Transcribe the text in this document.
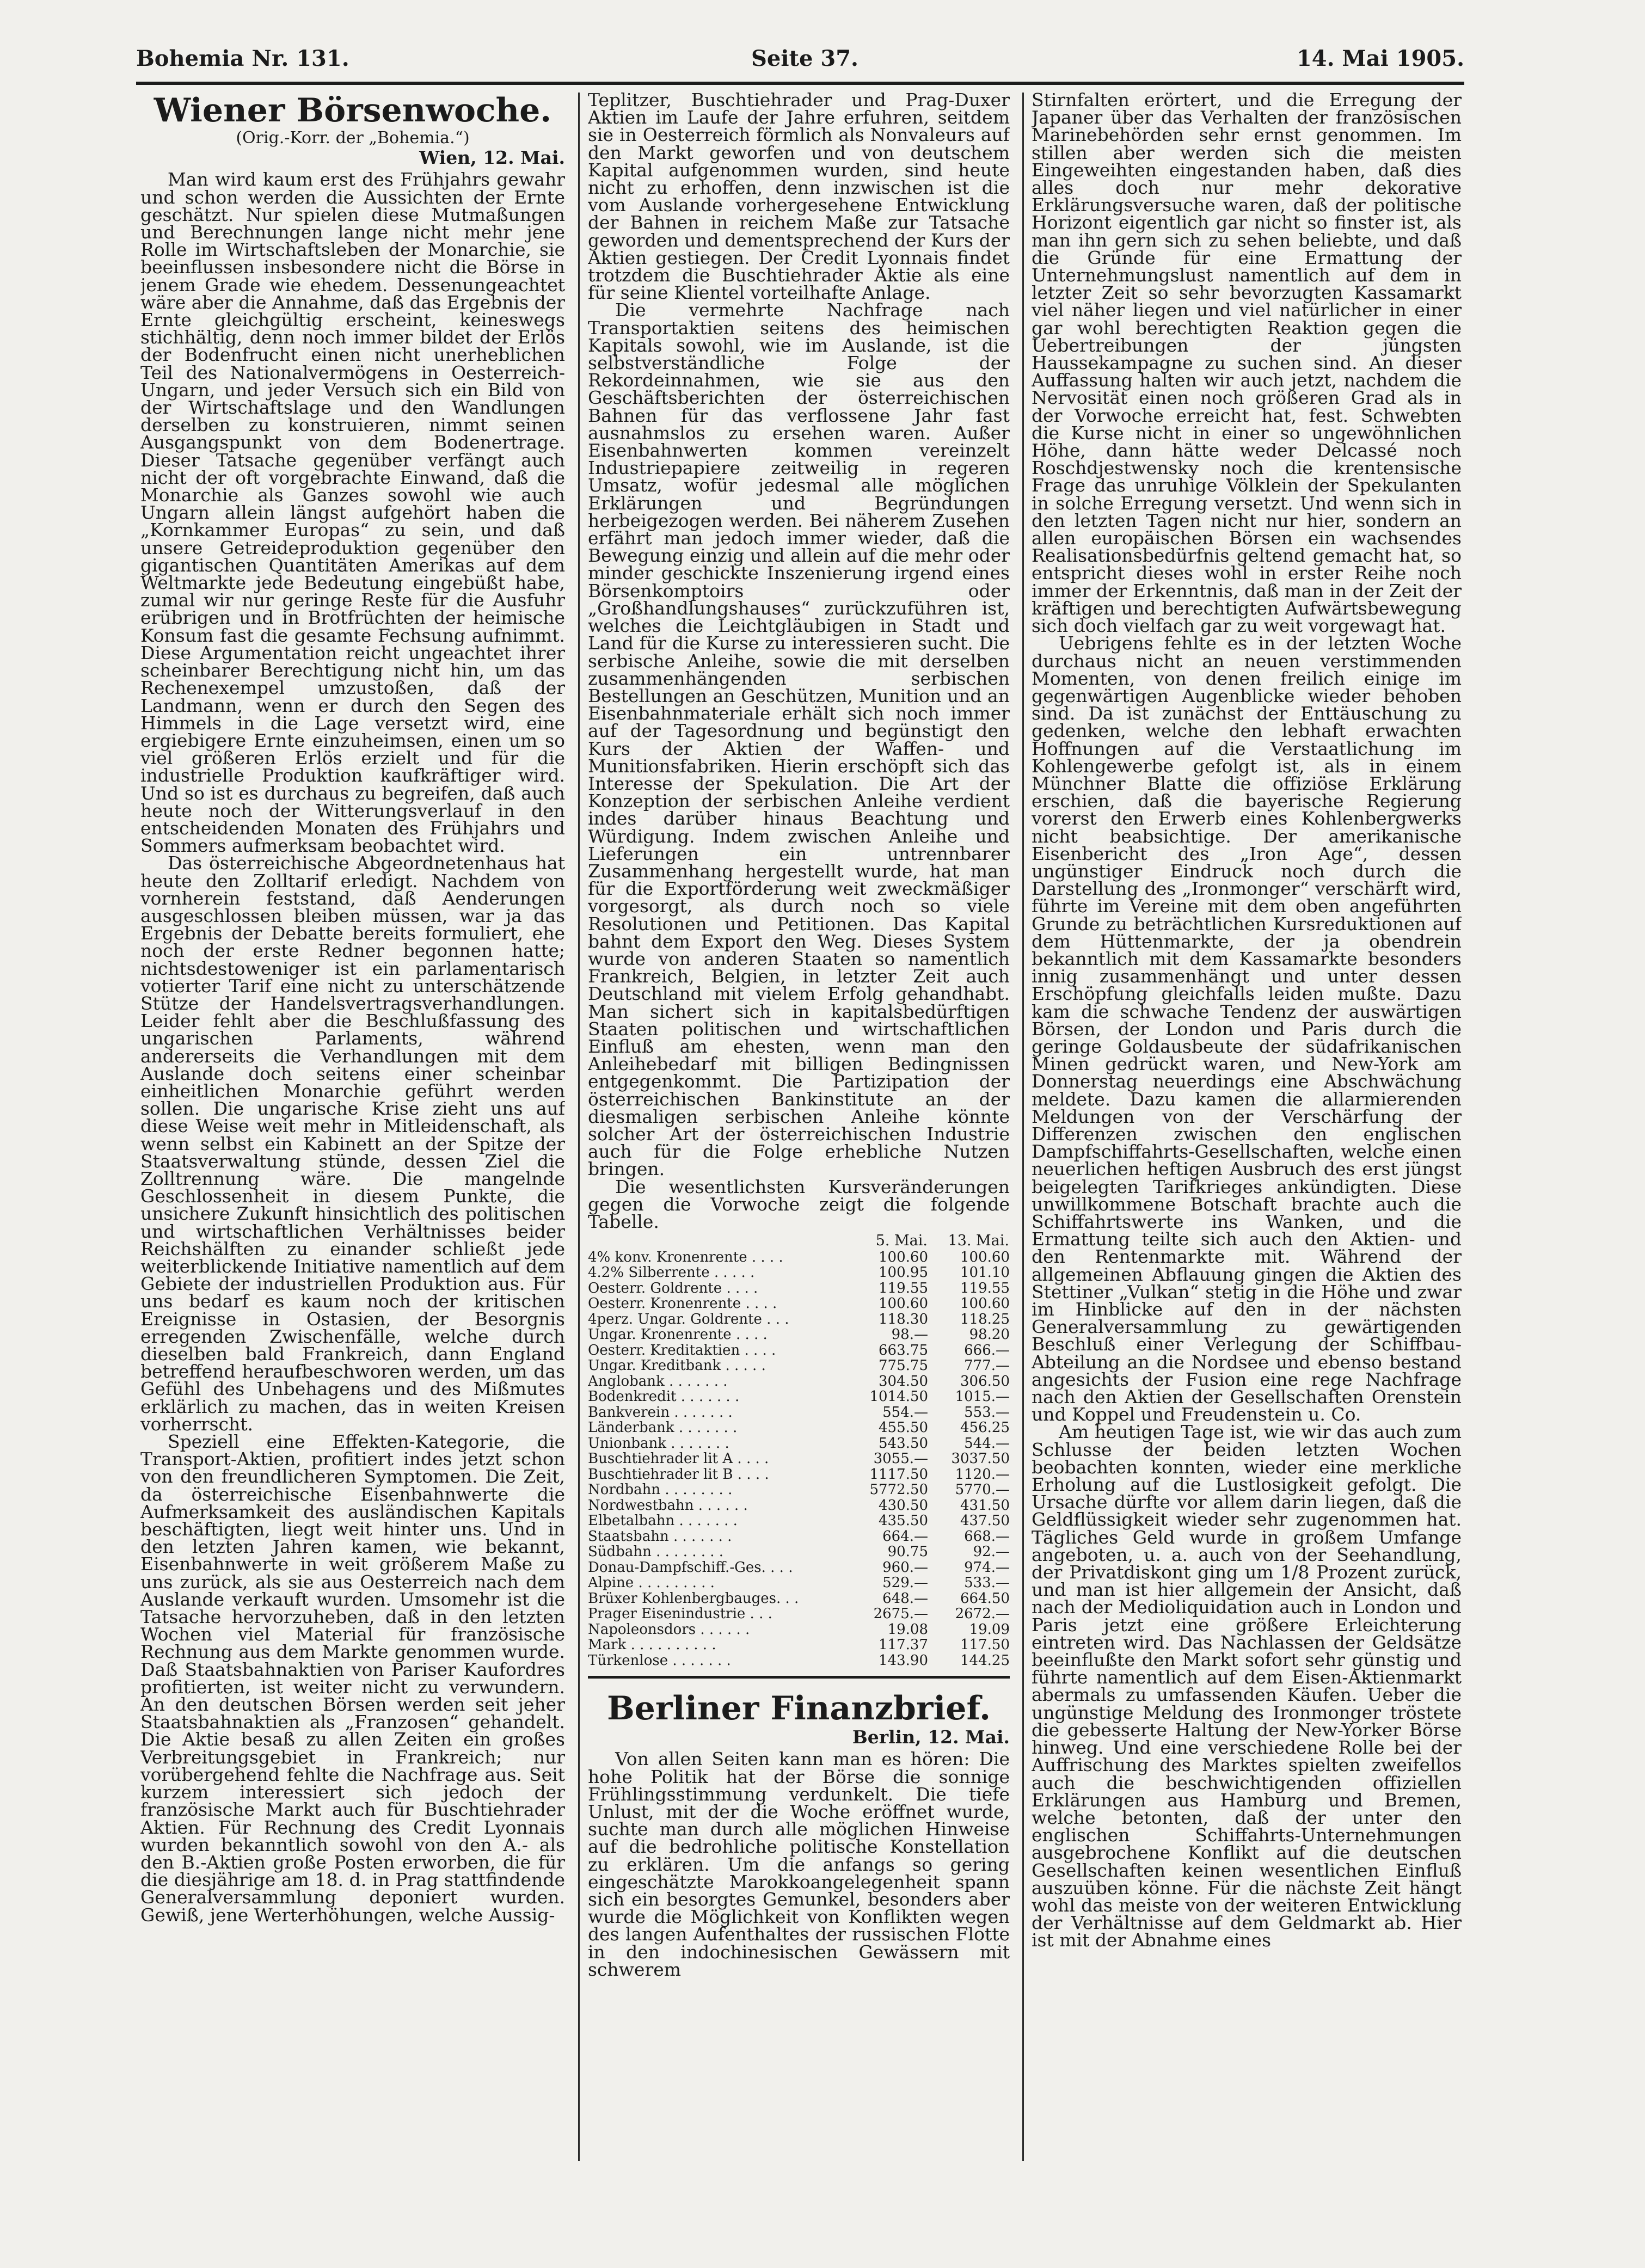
Bohemia Nr. 131.	Seite 37.	14. Mai 1905.
Wiener Börsenwoche.
(Orig.-Korr. der „Bohemia.“)
Wien, 12. Mai.

Man wird kaum erst des Frühjahrs gewahr und schon werden die Aussichten der Ernte geschätzt. Nur spielen diese Mutmaßungen und Berechnungen lange nicht mehr jene Rolle im Wirtschaftsleben der Monarchie, sie beeinflussen insbesondere nicht die Börse in jenem Grade wie ehedem. Dessenungeachtet wäre aber die Annahme, daß das Ergebnis der Ernte gleichgültig erscheint, keineswegs stichhältig, denn noch immer bildet der Erlös der Bodenfrucht einen nicht unerheblichen Teil des Nationalvermögens in Oesterreich-Ungarn, und jeder Versuch sich ein Bild von der Wirtschaftslage und den Wandlungen derselben zu konstruieren, nimmt seinen Ausgangspunkt von dem Bodenertrage. Dieser Tatsache gegenüber verfängt auch nicht der oft vorgebrachte Einwand, daß die Monarchie als Ganzes sowohl wie auch Ungarn allein längst aufgehört haben die „Kornkammer Europas“ zu sein, und daß unsere Getreideproduktion gegenüber den gigantischen Quantitäten Amerikas auf dem Weltmarkte jede Bedeutung eingebüßt habe, zumal wir nur geringe Reste für die Ausfuhr erübrigen und in Brotfrüchten der heimische Konsum fast die gesamte Fechsung aufnimmt. Diese Argumentation reicht ungeachtet ihrer scheinbarer Berechtigung nicht hin, um das Rechenexempel umzustoßen, daß der Landmann, wenn er durch den Segen des Himmels in die Lage versetzt wird, eine ergiebigere Ernte einzuheimsen, einen um so viel größeren Erlös erzielt und für die industrielle Produktion kaufkräftiger wird. Und so ist es durchaus zu begreifen, daß auch heute noch der Witterungsverlauf in den entscheidenden Monaten des Frühjahrs und Sommers aufmerksam beobachtet wird.

Das österreichische Abgeordnetenhaus hat heute den Zolltarif erledigt. Nachdem von vornherein feststand, daß Aenderungen ausgeschlossen bleiben müssen, war ja das Ergebnis der Debatte bereits formuliert, ehe noch der erste Redner begonnen hatte; nichtsdestoweniger ist ein parlamentarisch votierter Tarif eine nicht zu unterschätzende Stütze der Handelsvertragsverhandlungen. Leider fehlt aber die Beschlußfassung des ungarischen Parlaments, während andererseits die Verhandlungen mit dem Auslande doch seitens einer scheinbar einheitlichen Monarchie geführt werden sollen. Die ungarische Krise zieht uns auf diese Weise weit mehr in Mitleidenschaft, als wenn selbst ein Kabinett an der Spitze der Staatsverwaltung stünde, dessen Ziel die Zolltrennung wäre. Die mangelnde Geschlossenheit in diesem Punkte, die unsichere Zukunft hinsichtlich des politischen und wirtschaftlichen Verhältnisses beider Reichshälften zu einander schließt jede weiterblickende Initiative namentlich auf dem Gebiete der industriellen Produktion aus. Für uns bedarf es kaum noch der kritischen Ereignisse in Ostasien, der Besorgnis erregenden Zwischenfälle, welche durch dieselben bald Frankreich, dann England betreffend heraufbeschworen werden, um das Gefühl des Unbehagens und des Mißmutes erklärlich zu machen, das in weiten Kreisen vorherrscht.

Speziell eine Effekten-Kategorie, die Transport-Aktien, profitiert indes jetzt schon von den freundlicheren Symptomen. Die Zeit, da österreichische Eisenbahnwerte die Aufmerksamkeit des ausländischen Kapitals beschäftigten, liegt weit hinter uns. Und in den letzten Jahren kamen, wie bekannt, Eisenbahnwerte in weit größerem Maße zu uns zurück, als sie aus Oesterreich nach dem Auslande verkauft wurden. Umsomehr ist die Tatsache hervorzuheben, daß in den letzten Wochen viel Material für französische Rechnung aus dem Markte genommen wurde. Daß Staatsbahnaktien von Pariser Kaufordres profitierten, ist weiter nicht zu verwundern. An den deutschen Börsen werden seit jeher Staatsbahnaktien als „Franzosen“ gehandelt. Die Aktie besaß zu allen Zeiten ein großes Verbreitungsgebiet in Frankreich; nur vorübergehend fehlte die Nachfrage aus. Seit kurzem interessiert sich jedoch der französische Markt auch für Buschtiehrader Aktien. Für Rechnung des Credit Lyonnais wurden bekanntlich sowohl von den A.- als den B.-Aktien große Posten erworben, die für die diesjährige am 18. d. in Prag stattfindende Generalversammlung deponiert wurden. Gewiß, jene Werterhöhungen, welche Aussig-

Teplitzer, Buschtiehrader und Prag-Duxer Aktien im Laufe der Jahre erfuhren, seitdem sie in Oesterreich förmlich als Nonvaleurs auf den Markt geworfen und von deutschem Kapital aufgenommen wurden, sind heute nicht zu erhoffen, denn inzwischen ist die vom Auslande vorhergesehene Entwicklung der Bahnen in reichem Maße zur Tatsache geworden und dementsprechend der Kurs der Aktien gestiegen. Der Credit Lyonnais findet trotzdem die Buschtiehrader Aktie als eine für seine Klientel vorteilhafte Anlage.

Die vermehrte Nachfrage nach Transportaktien seitens des heimischen Kapitals sowohl, wie im Auslande, ist die selbstverständliche Folge der Rekordeinnahmen, wie sie aus den Geschäftsberichten der österreichischen Bahnen für das verflossene Jahr fast ausnahmslos zu ersehen waren. Außer Eisenbahnwerten kommen vereinzelt Industriepapiere zeitweilig in regeren Umsatz, wofür jedesmal alle möglichen Erklärungen und Begründungen herbeigezogen werden. Bei näherem Zusehen erfährt man jedoch immer wieder, daß die Bewegung einzig und allein auf die mehr oder minder geschickte Inszenierung irgend eines Börsenkomptoirs oder „Großhandlungshauses“ zurückzuführen ist, welches die Leichtgläubigen in Stadt und Land für die Kurse zu interessieren sucht. Die serbische Anleihe, sowie die mit derselben zusammenhängenden serbischen Bestellungen an Geschützen, Munition und an Eisenbahnmateriale erhält sich noch immer auf der Tagesordnung und begünstigt den Kurs der Aktien der Waffen- und Munitionsfabriken. Hierin erschöpft sich das Interesse der Spekulation. Die Art der Konzeption der serbischen Anleihe verdient indes darüber hinaus Beachtung und Würdigung. Indem zwischen Anleihe und Lieferungen ein untrennbarer Zusammenhang hergestellt wurde, hat man für die Exportförderung weit zweckmäßiger vorgesorgt, als durch noch so viele Resolutionen und Petitionen. Das Kapital bahnt dem Export den Weg. Dieses System wurde von anderen Staaten so namentlich Frankreich, Belgien, in letzter Zeit auch Deutschland mit vielem Erfolg gehandhabt. Man sichert sich in kapitalsbedürftigen Staaten politischen und wirtschaftlichen Einfluß am ehesten, wenn man den Anleihebedarf mit billigen Bedingnissen entgegenkommt. Die Partizipation der österreichischen Bankinstitute an der diesmaligen serbischen Anleihe könnte solcher Art der österreichischen Industrie auch für die Folge erhebliche Nutzen bringen.

Die wesentlichsten Kursveränderungen gegen die Vorwoche zeigt die folgende Tabelle.

	5. Mai.	13. Mai.
4% konv. Kronenrente . . . .	100.60	100.60
4.2% Silberrente . . . . .	100.95	101.10
Oesterr. Goldrente . . . .	119.55	119.55
Oesterr. Kronenrente . . . .	100.60	100.60
4perz. Ungar. Goldrente . . .	118.30	118.25
Ungar. Kronenrente . . . .	98.—	98.20
Oesterr. Kreditaktien . . . .	663.75	666.—
Ungar. Kreditbank . . . . .	775.75	777.—
Anglobank . . . . . . .	304.50	306.50
Bodenkredit . . . . . . .	1014.50	1015.—
Bankverein . . . . . . .	554.—	553.—
Länderbank . . . . . . .	455.50	456.25
Unionbank . . . . . . .	543.50	544.—
Buschtiehrader lit A . . . .	3055.—	3037.50
Buschtiehrader lit B . . . .	1117.50	1120.—
Nordbahn . . . . . . . .	5772.50	5770.—
Nordwestbahn . . . . . .	430.50	431.50
Elbetalbahn . . . . . . .	435.50	437.50
Staatsbahn . . . . . . .	664.—	668.—
Südbahn . . . . . . . .	90.75	92.—
Donau-Dampfschiff.-Ges. . . .	960.—	974.—
Alpine . . . . . . . . .	529.—	533.—
Brüxer Kohlenbergbauges. . .	648.—	664.50
Prager Eisenindustrie . . .	2675.—	2672.—
Napoleonsdors . . . . . .	19.08	19.09
Mark . . . . . . . . . .	117.37	117.50
Türkenlose . . . . . . .	143.90	144.25
Berliner Finanzbrief.
Berlin, 12. Mai.

Von allen Seiten kann man es hören: Die hohe Politik hat der Börse die sonnige Frühlingsstimmung verdunkelt. Die tiefe Unlust, mit der die Woche eröffnet wurde, suchte man durch alle möglichen Hinweise auf die bedrohliche politische Konstellation zu erklären. Um die anfangs so gering eingeschätzte Marokkoangelegenheit spann sich ein besorgtes Gemunkel, besonders aber wurde die Möglichkeit von Konflikten wegen des langen Aufenthaltes der russischen Flotte in den indochinesischen Gewässern mit schwerem

Stirnfalten erörtert, und die Erregung der Japaner über das Verhalten der französischen Marinebehörden sehr ernst genommen. Im stillen aber werden sich die meisten Eingeweihten eingestanden haben, daß dies alles doch nur mehr dekorative Erklärungsversuche waren, daß der politische Horizont eigentlich gar nicht so finster ist, als man ihn gern sich zu sehen beliebte, und daß die Gründe für eine Ermattung der Unternehmungslust namentlich auf dem in letzter Zeit so sehr bevorzugten Kassamarkt viel näher liegen und viel natürlicher in einer gar wohl berechtigten Reaktion gegen die Uebertreibungen der jüngsten Haussekampagne zu suchen sind. An dieser Auffassung halten wir auch jetzt, nachdem die Nervosität einen noch größeren Grad als in der Vorwoche erreicht hat, fest. Schwebten die Kurse nicht in einer so ungewöhnlichen Höhe, dann hätte weder Delcassé noch Roschdjestwensky noch die krentensische Frage das unruhige Völklein der Spekulanten in solche Erregung versetzt. Und wenn sich in den letzten Tagen nicht nur hier, sondern an allen europäischen Börsen ein wachsendes Realisationsbedürfnis geltend gemacht hat, so entspricht dieses wohl in erster Reihe noch immer der Erkenntnis, daß man in der Zeit der kräftigen und berechtigten Aufwärtsbewegung sich doch vielfach gar zu weit vorgewagt hat.

Uebrigens fehlte es in der letzten Woche durchaus nicht an neuen verstimmenden Momenten, von denen freilich einige im gegenwärtigen Augenblicke wieder behoben sind. Da ist zunächst der Enttäuschung zu gedenken, welche den lebhaft erwachten Hoffnungen auf die Verstaatlichung im Kohlengewerbe gefolgt ist, als in einem Münchner Blatte die offiziöse Erklärung erschien, daß die bayerische Regierung vorerst den Erwerb eines Kohlenbergwerks nicht beabsichtige. Der amerikanische Eisenbericht des „Iron Age“, dessen ungünstiger Eindruck noch durch die Darstellung des „Ironmonger“ verschärft wird, führte im Vereine mit dem oben angeführten Grunde zu beträchtlichen Kursreduktionen auf dem Hüttenmarkte, der ja obendrein bekanntlich mit dem Kassamarkte besonders innig zusammenhängt und unter dessen Erschöpfung gleichfalls leiden mußte. Dazu kam die schwache Tendenz der auswärtigen Börsen, der London und Paris durch die geringe Goldausbeute der südafrikanischen Minen gedrückt waren, und New-York am Donnerstag neuerdings eine Abschwächung meldete. Dazu kamen die allarmierenden Meldungen von der Verschärfung der Differenzen zwischen den englischen Dampfschiffahrts-Gesellschaften, welche einen neuerlichen heftigen Ausbruch des erst jüngst beigelegten Tarifkrieges ankündigten. Diese unwillkommene Botschaft brachte auch die Schiffahrtswerte ins Wanken, und die Ermattung teilte sich auch den Aktien- und den Rentenmarkte mit. Während der allgemeinen Abflauung gingen die Aktien des Stettiner „Vulkan“ stetig in die Höhe und zwar im Hinblicke auf den in der nächsten Generalversammlung zu gewärtigenden Beschluß einer Verlegung der Schiffbau-Abteilung an die Nordsee und ebenso bestand angesichts der Fusion eine rege Nachfrage nach den Aktien der Gesellschaften Orenstein und Koppel und Freudenstein u. Co.

Am heutigen Tage ist, wie wir das auch zum Schlusse der beiden letzten Wochen beobachten konnten, wieder eine merkliche Erholung auf die Lustlosigkeit gefolgt. Die Ursache dürfte vor allem darin liegen, daß die Geldflüssigkeit wieder sehr zugenommen hat. Tägliches Geld wurde in großem Umfange angeboten, u. a. auch von der Seehandlung, der Privatdiskont ging um 1/8 Prozent zurück, und man ist hier allgemein der Ansicht, daß nach der Medioliquidation auch in London und Paris jetzt eine größere Erleichterung eintreten wird. Das Nachlassen der Geldsätze beeinflußte den Markt sofort sehr günstig und führte namentlich auf dem Eisen-Aktienmarkt abermals zu umfassenden Käufen. Ueber die ungünstige Meldung des Ironmonger tröstete die gebesserte Haltung der New-Yorker Börse hinweg. Und eine verschiedene Rolle bei der Auffrischung des Marktes spielten zweifellos auch die beschwichtigenden offiziellen Erklärungen aus Hamburg und Bremen, welche betonten, daß der unter den englischen Schiffahrts-Unternehmungen ausgebrochene Konflikt auf die deutschen Gesellschaften keinen wesentlichen Einfluß auszuüben könne. Für die nächste Zeit hängt wohl das meiste von der weiteren Entwicklung der Verhältnisse auf dem Geldmarkt ab. Hier ist mit der Abnahme eines
